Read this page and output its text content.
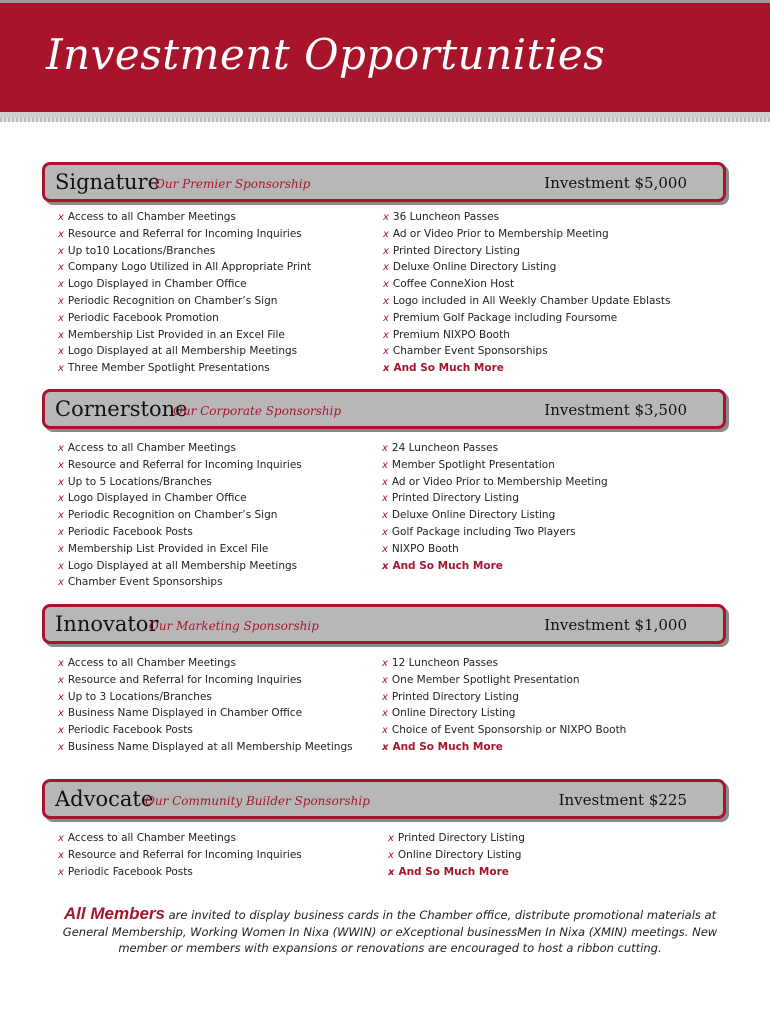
Investment Opportunities
Signature
Our Premier Sponsorship	Investment $5,000
x Access to all Chamber Meetings
x Resource and Referral for Incoming Inquiries
x Up to10 Locations/Branches
x Company Logo Utilized in All Appropriate Print
x Logo Displayed in Chamber Office
x Periodic Recognition on Chamber’s Sign
x Periodic Facebook Promotion
x Membership List Provided in an Excel File
x Logo Displayed at all Membership Meetings
x Three Member Spotlight Presentations
x 36 Luncheon Passes
x Ad or Video Prior to Membership Meeting
x Printed Directory Listing
x Deluxe Online Directory Listing
x Coffee ConneXion Host
x Logo included in All Weekly Chamber Update Eblasts
x Premium Golf Package including Foursome
x Premium NIXPO Booth
x Chamber Event Sponsorships
x And So Much More
Cornerstone
Our Corporate Sponsorship	Investment $3,500
x Access to all Chamber Meetings
x Resource and Referral for Incoming Inquiries
x Up to 5 Locations/Branches
x Logo Displayed in Chamber Office
x Periodic Recognition on Chamber’s Sign
x Periodic Facebook Posts
x Membership List Provided in Excel File
x Logo Displayed at all Membership Meetings
x Chamber Event Sponsorships
x 24 Luncheon Passes
x Member Spotlight Presentation
x Ad or Video Prior to Membership Meeting
x Printed Directory Listing
x Deluxe Online Directory Listing
x Golf Package including Two Players
x NIXPO Booth
x And So Much More
Innovator
Our Marketing Sponsorship	Investment $1,000
x Access to all Chamber Meetings
x Resource and Referral for Incoming Inquiries
x Up to 3 Locations/Branches
x Business Name Displayed in Chamber Office
x Periodic Facebook Posts
x Business Name Displayed at all Membership Meetings
x 12 Luncheon Passes
x One Member Spotlight Presentation
x Printed Directory Listing
x Online Directory Listing
x Choice of Event Sponsorship or NIXPO Booth
x And So Much More
Advocate
Our Community Builder Sponsorship	Investment $225
x Access to all Chamber Meetings
x Resource and Referral for Incoming Inquiries
x Periodic Facebook Posts
x Printed Directory Listing
x Online Directory Listing
x And So Much More
All Members are invited to display business cards in the Chamber office, distribute promotional materials at General Membership, Working Women In Nixa (WWIN) or eXceptional businessMen In Nixa (XMIN) meetings. New member or members with expansions or renovations are encouraged to host a ribbon cutting.
